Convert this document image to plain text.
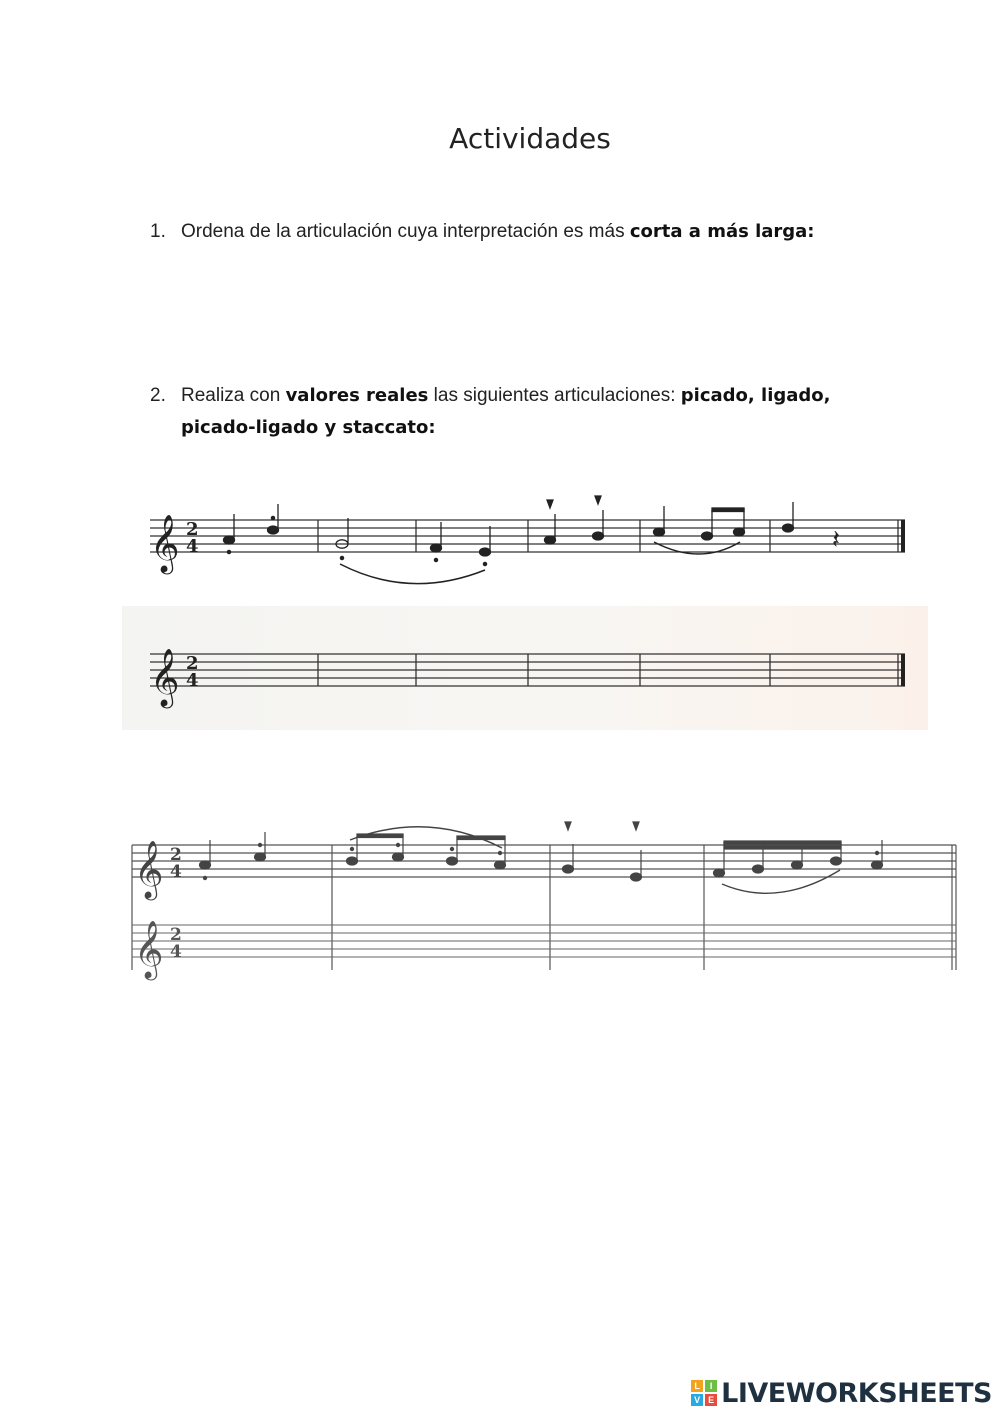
Actividades
1. Ordena de la articulación cuya interpretación es más corta a más larga:
2. Realiza con valores reales las siguientes articulaciones: picado, ligado,
picado-ligado y staccato:
𝄞 2
4	𝄽
𝄞 2
4
𝄞 2
4
𝄞 2
4
L	I
V E LIVEWORKSHEETS
